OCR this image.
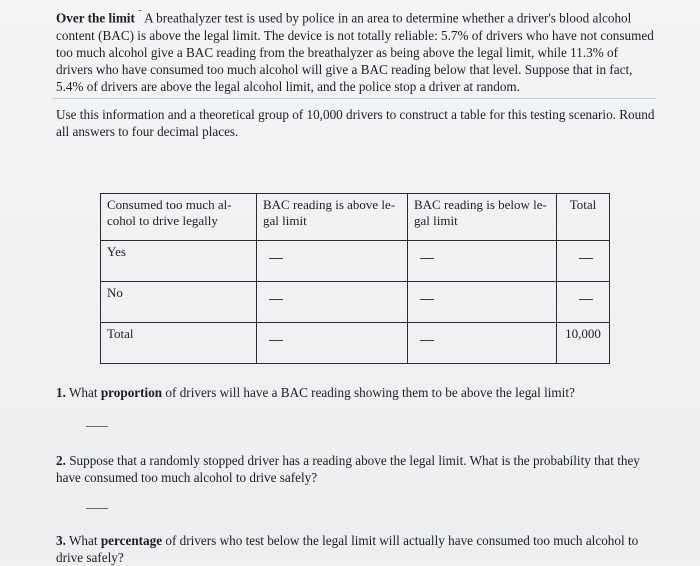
Over the limit ˜ A breathalyzer test is used by police in an area to determine whether a driver's blood alcohol content (BAC) is above the legal limit. The device is not totally reliable: 5.7% of drivers who have not consumed too much alcohol give a BAC reading from the breathalyzer as being above the legal limit, while 11.3% of drivers who have consumed too much alcohol will give a BAC reading below that level. Suppose that in fact, 5.4% of drivers are above the legal alcohol limit, and the police stop a driver at random.
Use this information and a theoretical group of 10,000 drivers to construct a table for this testing scenario. Round all answers to four decimal places.
Consumed too much al- cohol to drive legally	BAC reading is above le- gal limit	BAC reading is below le- gal limit	Total
Yes			
No			
Total			10,000
1. What proportion of drivers will have a BAC reading showing them to be above the legal limit?
2. Suppose that a randomly stopped driver has a reading above the legal limit. What is the probability that they have consumed too much alcohol to drive safely?
3. What percentage of drivers who test below the legal limit will actually have consumed too much alcohol to drive safely?
